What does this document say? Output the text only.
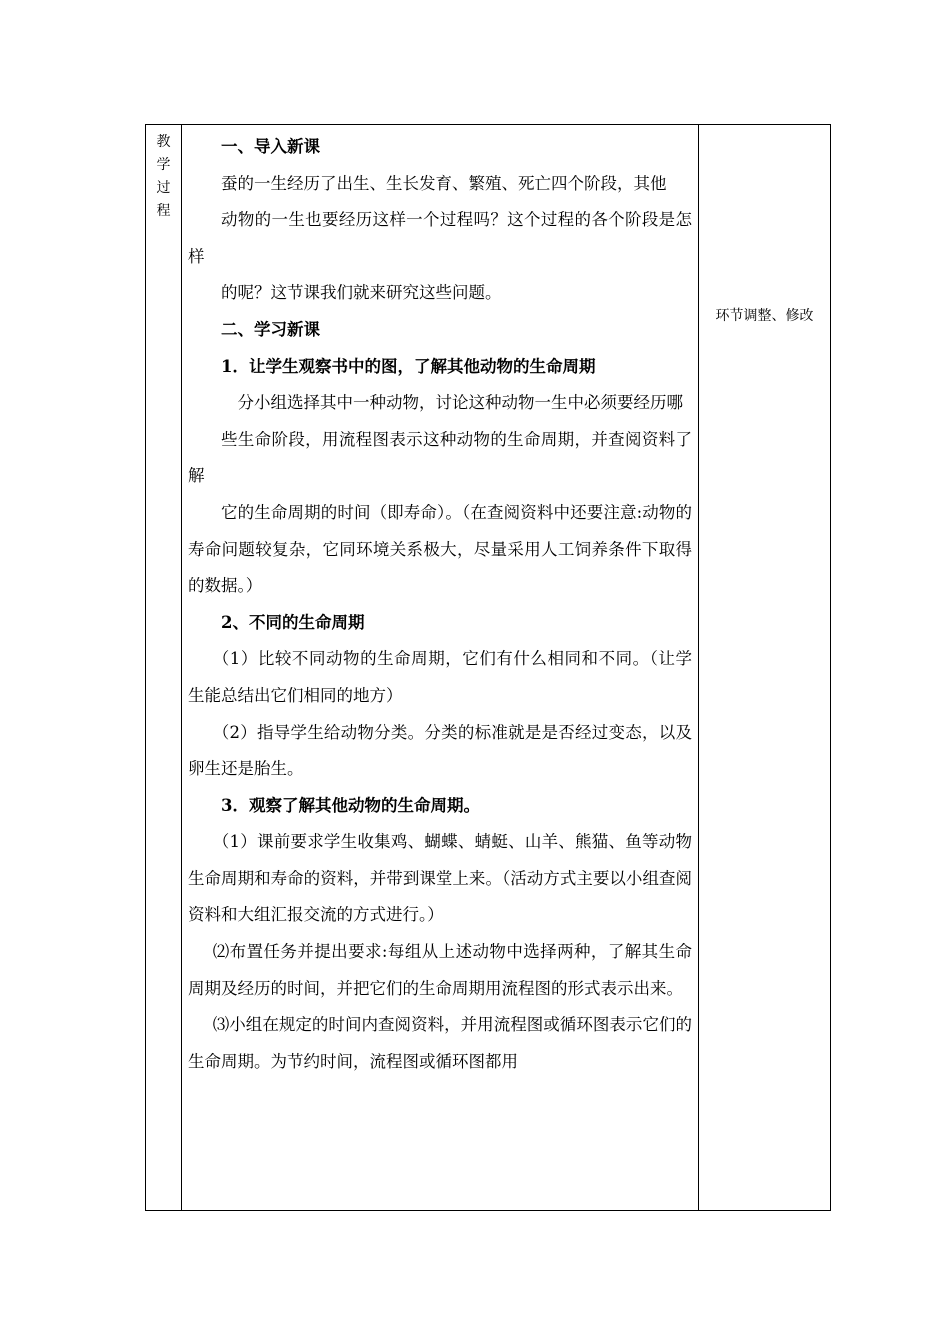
教
学
过
程

一、导入新课

蚕的一生经历了出生、生长发育、繁殖、死亡四个阶段，其他

动物的一生也要经历这样一个过程吗？这个过程的各个阶段是怎样

的呢？这节课我们就来研究这些问题。

二、学习新课

1．让学生观察书中的图，了解其他动物的生命周期

分小组选择其中一种动物，讨论这种动物一生中必须要经历哪

些生命阶段，用流程图表示这种动物的生命周期，并查阅资料了解

它的生命周期的时间（即寿命）。（在查阅资料中还要注意:动物的寿命问题较复杂，它同环境关系极大，尽量采用人工饲养条件下取得的数据。）

2、不同的生命周期

（1）比较不同动物的生命周期，它们有什么相同和不同。（让学生能总结出它们相同的地方）

（2）指导学生给动物分类。分类的标准就是是否经过变态，以及卵生还是胎生。

3．观察了解其他动物的生命周期。

（1）课前要求学生收集鸡、蝴蝶、蜻蜓、山羊、熊猫、鱼等动物生命周期和寿命的资料，并带到课堂上来。（活动方式主要以小组查阅资料和大组汇报交流的方式进行。）

⑵布置任务并提出要求:每组从上述动物中选择两种，了解其生命周期及经历的时间，并把它们的生命周期用流程图的形式表示出来。

⑶小组在规定的时间内查阅资料，并用流程图或循环图表示它们的生命周期。为节约时间，流程图或循环图都用

环节调整、修改
